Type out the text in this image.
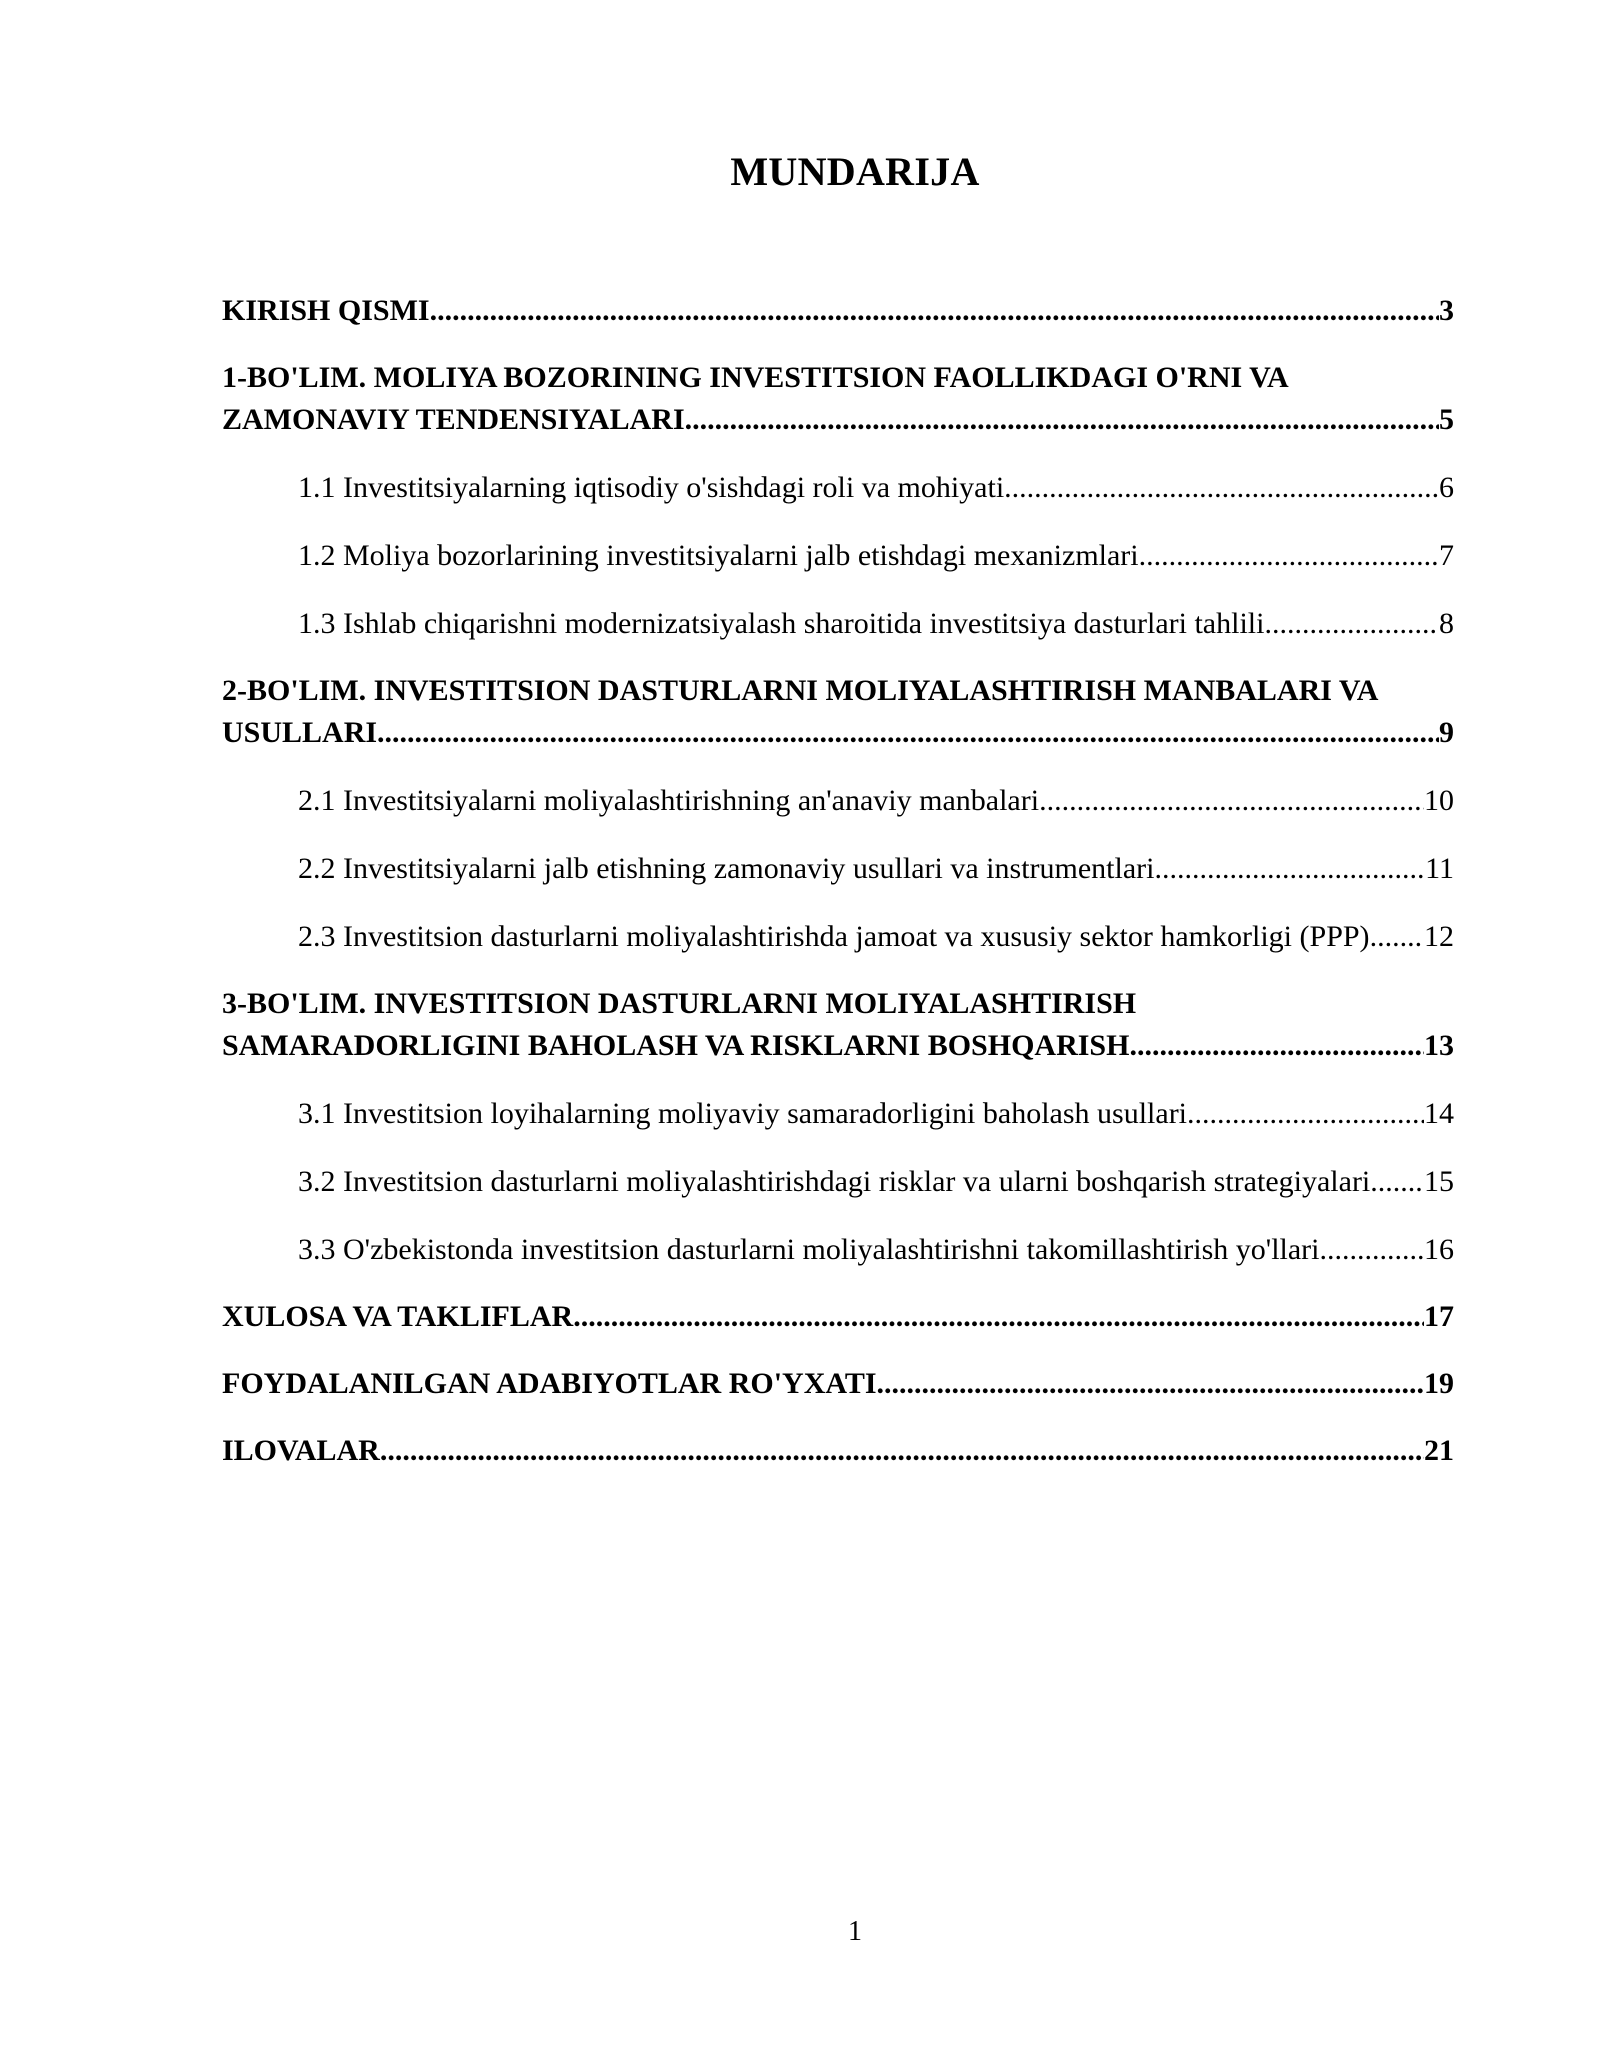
MUNDARIJA
KIRISH QISMI .....	3
1-BO'LIM. MOLIYA BOZORINING INVESTITSION FAOLLIKDAGI O'RNI VA
ZAMONAVIY TENDENSIYALARI .....	5
1.1 Investitsiyalarning iqtisodiy o'sishdagi roli va mohiyati .....	6
1.2 Moliya bozorlarining investitsiyalarni jalb etishdagi mexanizmlari .....	7
1.3 Ishlab chiqarishni modernizatsiyalash sharoitida investitsiya dasturlari tahlili .....	8
2-BO'LIM. INVESTITSION DASTURLARNI MOLIYALASHTIRISH MANBALARI VA
USULLARI .....	9
2.1 Investitsiyalarni moliyalashtirishning an'anaviy manbalari .....	10
2.2 Investitsiyalarni jalb etishning zamonaviy usullari va instrumentlari .....	11
2.3 Investitsion dasturlarni moliyalashtirishda jamoat va xususiy sektor hamkorligi (PPP) ..... 12
3-BO'LIM. INVESTITSION DASTURLARNI MOLIYALASHTIRISH
SAMARADORLIGINI BAHOLASH VA RISKLARNI BOSHQARISH .....	13
3.1 Investitsion loyihalarning moliyaviy samaradorligini baholash usullari .....	14
3.2 Investitsion dasturlarni moliyalashtirishdagi risklar va ularni boshqarish strategiyalari ..... 15
3.3 O'zbekistonda investitsion dasturlarni moliyalashtirishni takomillashtirish yo'llari .....	16
XULOSA VA TAKLIFLAR .....	17
FOYDALANILGAN ADABIYOTLAR RO'YXATI .....	19
ILOVALAR .....	21
1
